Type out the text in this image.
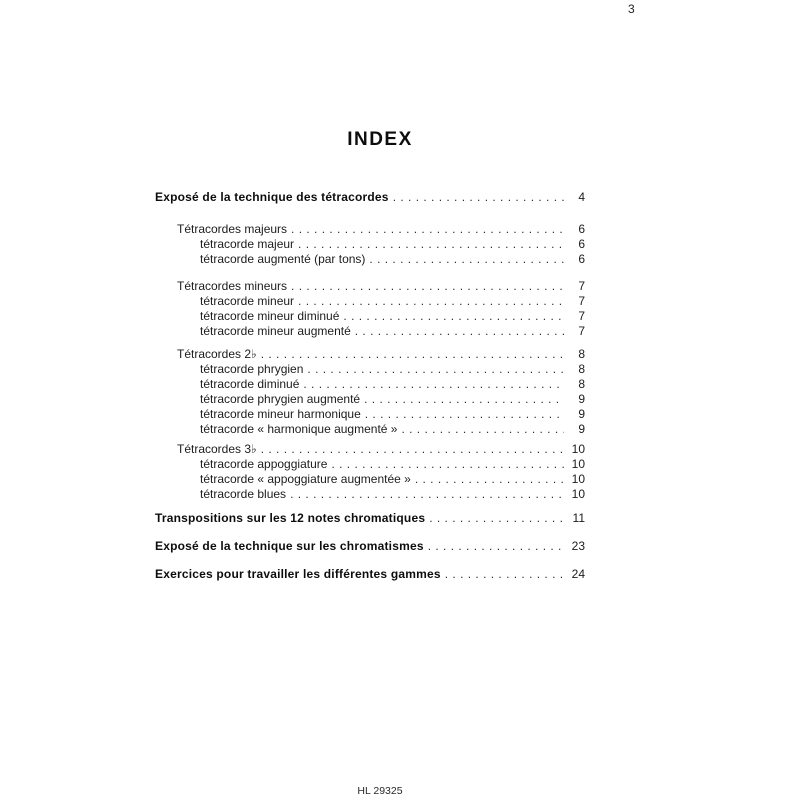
3
INDEX
Exposé de la technique des tétracordes . . .	4
Tétracordes majeurs . . .	6
tétracorde majeur . . .	6
tétracorde augmenté (par tons) . . .	6
Tétracordes mineurs . . .	7
tétracorde mineur . . .	7
tétracorde mineur diminué . . .	7
tétracorde mineur augmenté . . .	7
Tétracordes 2♭ . . .	8
tétracorde phrygien . . .	8
tétracorde diminué . . .	8
tétracorde phrygien augmenté . . .	9
tétracorde mineur harmonique . . .	9
tétracorde « harmonique augmenté » . . .	9
Tétracordes 3♭ . . .	10
tétracorde appoggiature . . .	10
tétracorde « appoggiature augmentée » . . .	10
tétracorde blues . . .	10
Transpositions sur les 12 notes chromatiques . . .	11
Exposé de la technique sur les chromatismes . . .	23
Exercices pour travailler les différentes gammes . . .	24
HL 29325
